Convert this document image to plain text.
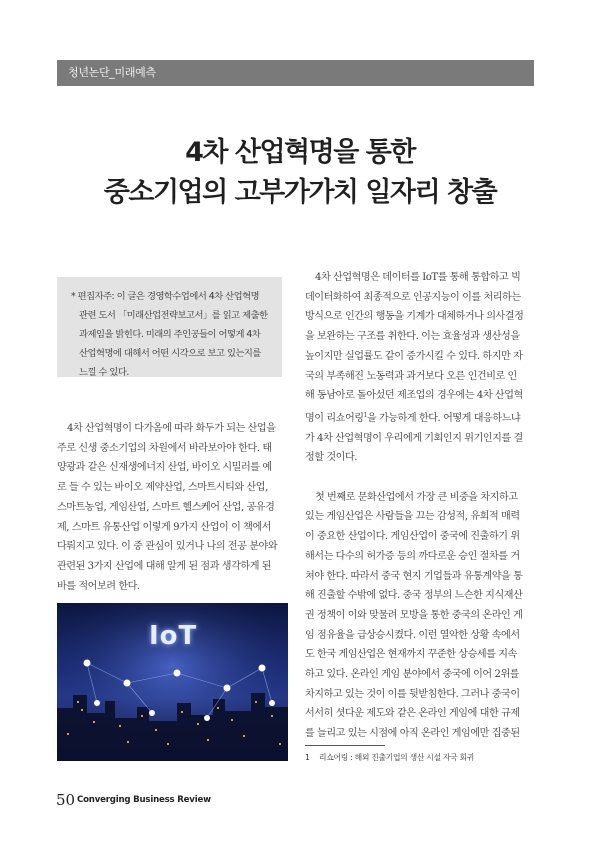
청년논단_미래예측
4차 산업혁명을 통한
중소기업의 고부가가치 일자리 창출

* 편집자주: 이 글은 경영학수업에서 4차 산업혁명

관련 도서 「미래산업전략보고서」를 읽고 제출한

과제임을 밝힌다. 미래의 주인공들이 어떻게 4차

산업혁명에 대해서 어떤 시각으로 보고 있는지를

느낄 수 있다.

4차 산업혁명이 다가옴에 따라 화두가 되는 산업을

주로 신생 중소기업의 차원에서 바라보아야 한다. 태

양광과 같은 신재생에너지 산업, 바이오 시밀러를 예

로 들 수 있는 바이오 제약산업, 스마트시티와 산업,

스마트농업, 게임산업, 스마트 헬스케어 산업, 공유경

제, 스마트 유통산업 이렇게 9가지 산업이 이 책에서

다뤄지고 있다. 이 중 관심이 있거나 나의 전공 분야와

관련된 3가지 산업에 대해 알게 된 점과 생각하게 된

바를 적어보려 한다.

IoT

4차 산업혁명은 데이터를 IoT를 통해 통합하고 빅

데이터화하여 최종적으로 인공지능이 이를 처리하는

방식으로 인간의 행동을 기계가 대체하거나 의사결정

을 보완하는 구조를 취한다. 이는 효율성과 생산성을

높이지만 실업률도 같이 증가시킬 수 있다. 하지만 자

국의 부족해진 노동력과 과거보다 오른 인건비로 인

해 동남아로 돌아섰던 제조업의 경우에는 4차 산업혁

명이 리쇼어링$^1$을 가능하게 한다. 어떻게 대응하느냐

가 4차 산업혁명이 우리에게 기회인지 위기인지를 결

정할 것이다.

첫 번째로 문화산업에서 가장 큰 비중을 차지하고

있는 게임산업은 사람들을 끄는 감성적, 유희적 매력

이 중요한 산업이다. 게임산업이 중국에 진출하기 위

해서는 다수의 허가증 등의 까다로운 승인 절차를 거

쳐야 한다. 따라서 중국 현지 기업들과 유통계약을 통

해 진출할 수밖에 없다. 중국 정부의 느슨한 지식재산

권 정책이 이와 맞물려 모방을 통한 중국의 온라인 게

임 점유율을 급상승시켰다. 이런 열악한 상황 속에서

도 한국 게임산업은 현재까지 꾸준한 상승세를 지속

하고 있다. 온라인 게임 분야에서 중국에 이어 2위를

차지하고 있는 것이 이를 뒷받침한다. 그러나 중국이

서서히 셧다운 제도와 같은 온라인 게임에 대한 규제

를 늘리고 있는 시점에 아직 온라인 게임에만 집중된

1 리쇼어링 : 해외 진출기업의 생산 시설 자국 회귀
50 Converging Business Review
